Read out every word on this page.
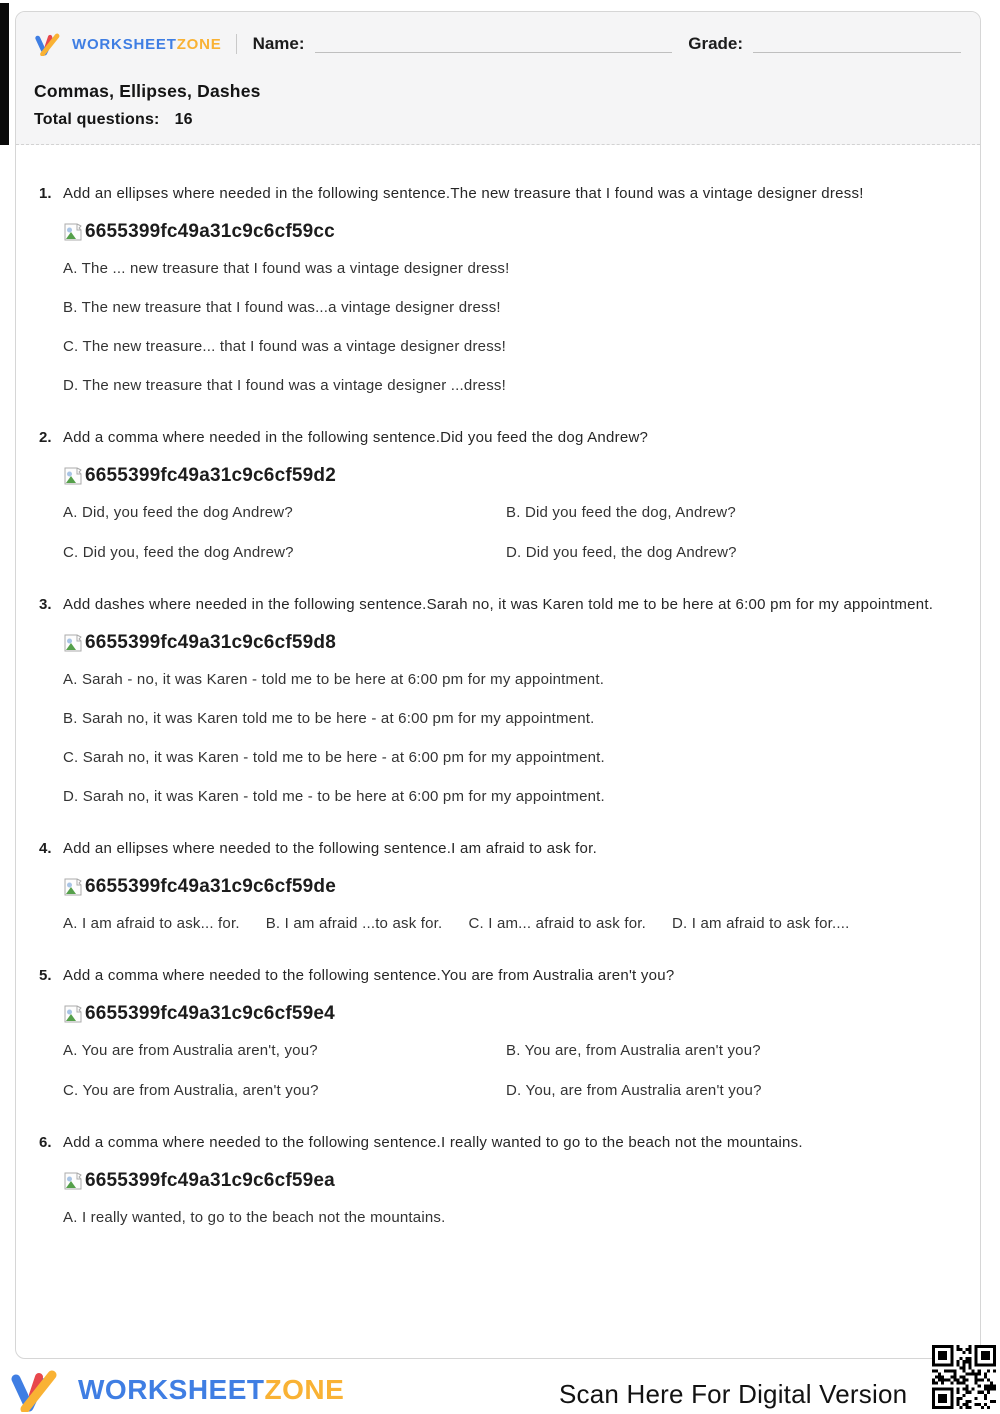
WORKSHEETZONE Name:	Grade:
Commas, Ellipses, Dashes
Total questions: 16
1. Add an ellipses where needed in the following sentence.The new treasure that I found was a vintage designer dress!
6655399fc49a31c9c6cf59cc
A. The ... new treasure that I found was a vintage designer dress!
B. The new treasure that I found was...a vintage designer dress!
C. The new treasure... that I found was a vintage designer dress!
D. The new treasure that I found was a vintage designer ...dress!
2. Add a comma where needed in the following sentence.Did you feed the dog Andrew?
6655399fc49a31c9c6cf59d2
A. Did, you feed the dog Andrew?	B. Did you feed the dog, Andrew?
C. Did you, feed the dog Andrew?	D. Did you feed, the dog Andrew?
3. Add dashes where needed in the following sentence.Sarah no, it was Karen told me to be here at 6:00 pm for my appointment.
6655399fc49a31c9c6cf59d8
A. Sarah - no, it was Karen - told me to be here at 6:00 pm for my appointment.
B. Sarah no, it was Karen told me to be here - at 6:00 pm for my appointment.
C. Sarah no, it was Karen - told me to be here - at 6:00 pm for my appointment.
D. Sarah no, it was Karen - told me - to be here at 6:00 pm for my appointment.
4. Add an ellipses where needed to the following sentence.I am afraid to ask for.
6655399fc49a31c9c6cf59de
A. I am afraid to ask... for. B. I am afraid ...to ask for. C. I am... afraid to ask for. D. I am afraid to ask for....
5. Add a comma where needed to the following sentence.You are from Australia aren't you?
6655399fc49a31c9c6cf59e4
A. You are from Australia aren't, you?	B. You are, from Australia aren't you?
C. You are from Australia, aren't you?	D. You, are from Australia aren't you?
6. Add a comma where needed to the following sentence.I really wanted to go to the beach not the mountains.
6655399fc49a31c9c6cf59ea
A. I really wanted, to go to the beach not the mountains.
WORKSHEETZONE	Scan Here For Digital Version
